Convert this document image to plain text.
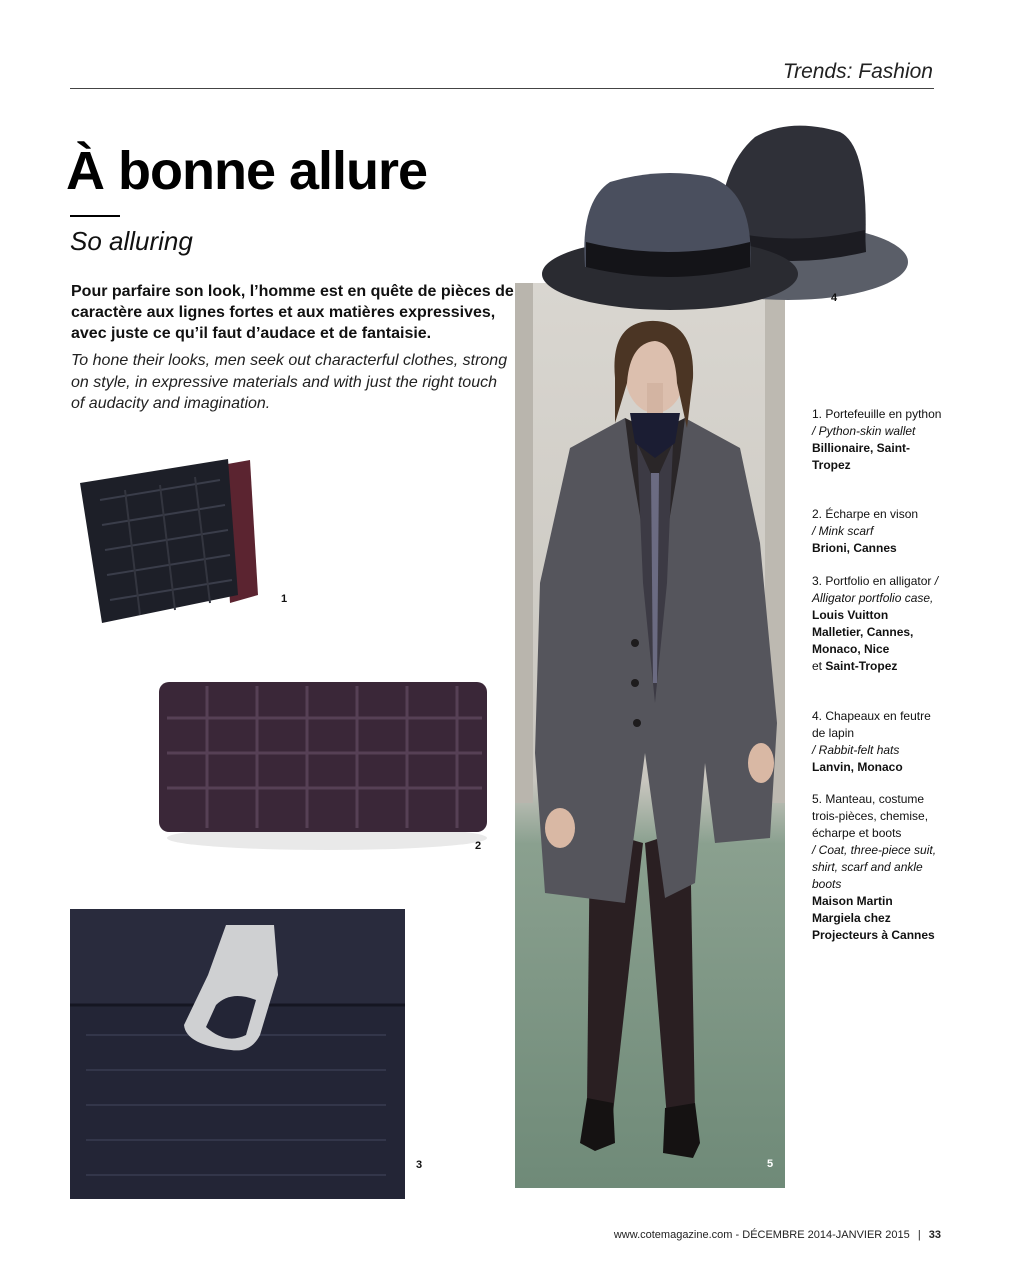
Trends: Fashion
À bonne allure
So alluring
Pour parfaire son look, l’homme est en quête de pièces de caractère aux lignes fortes et aux matières expressives, avec juste ce qu’il faut d’audace et de fantaisie.
To hone their looks, men seek out characterful clothes, strong on style, in expressive materials and with just the right touch of audacity and imagination.
1
2
3
4
5
1. Portefeuille en python
/ Python-skin wallet
Billionaire, Saint-Tropez
2. Écharpe en vison
/ Mink scarf
Brioni, Cannes
3. Portfolio en alligator / Alligator portfolio case,
Louis Vuitton Malletier, Cannes, Monaco, Nice
et Saint-Tropez
4. Chapeaux en feutre de lapin
/ Rabbit-felt hats
Lanvin, Monaco
5. Manteau, costume trois-pièces, chemise, écharpe et boots
/ Coat, three-piece suit, shirt, scarf and ankle boots
Maison Martin Margiela chez Projecteurs à Cannes
www.cotemagazine.com - DÉCEMBRE 2014-JANVIER 2015 | 33
